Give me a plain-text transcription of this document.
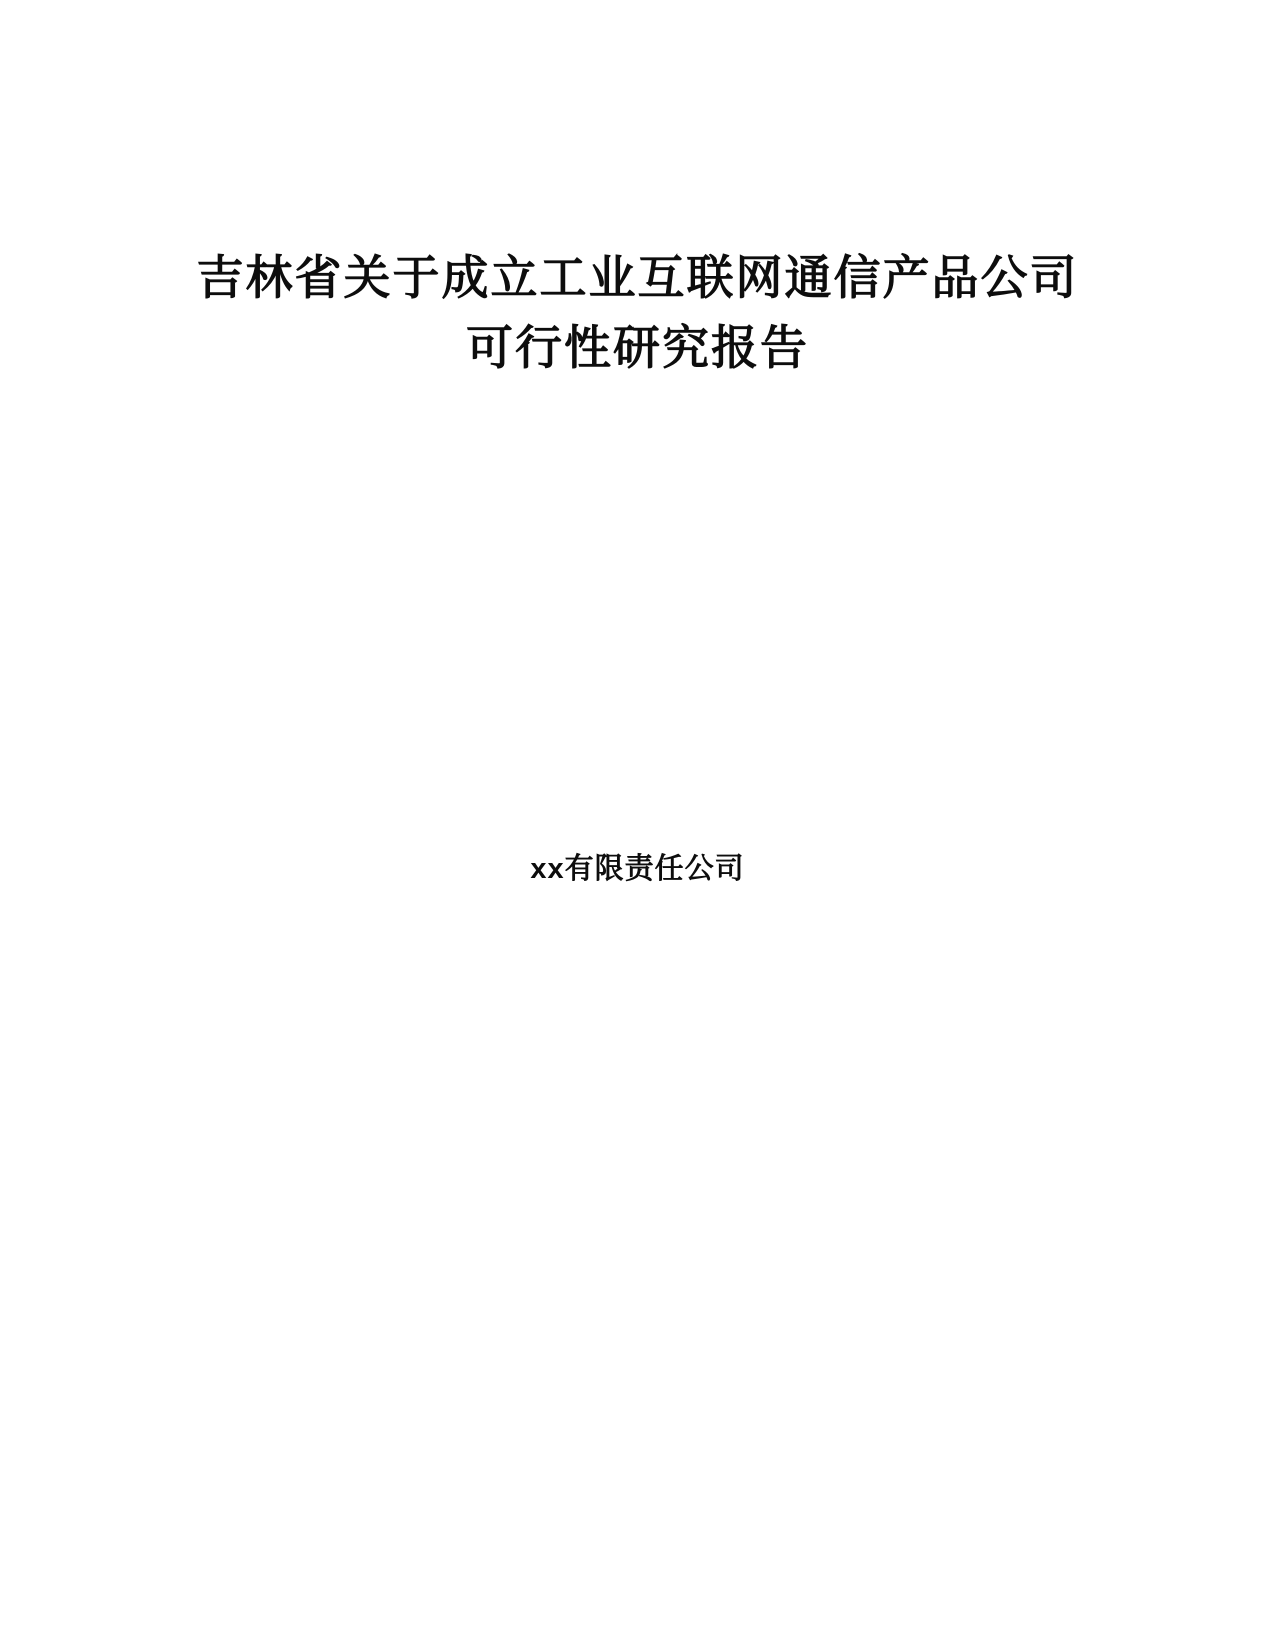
吉林省关于成立工业互联网通信产品公司
可行性研究报告
xx有限责任公司
